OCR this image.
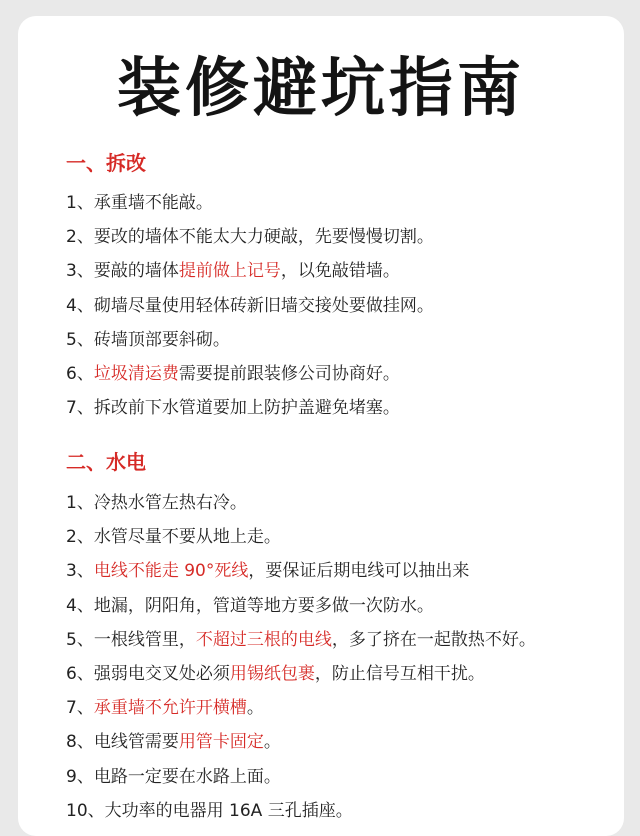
装修避坑指南
一、拆改
1、承重墙不能敲。
2、要改的墙体不能太大力硬敲，先要慢慢切割。
3、要敲的墙体提前做上记号，以免敲错墙。
4、砌墙尽量使用轻体砖新旧墙交接处要做挂网。
5、砖墙顶部要斜砌。
6、垃圾清运费需要提前跟装修公司协商好。
7、拆改前下水管道要加上防护盖避免堵塞。
二、水电
1、冷热水管左热右冷。
2、水管尽量不要从地上走。
3、电线不能走 90°死线，要保证后期电线可以抽出来
4、地漏，阴阳角，管道等地方要多做一次防水。
5、一根线管里，不超过三根的电线，多了挤在一起散热不好。
6、强弱电交叉处必须用锡纸包裹，防止信号互相干扰。
7、承重墙不允许开横槽。
8、电线管需要用管卡固定。
9、电路一定要在水路上面。
10、大功率的电器用 16A 三孔插座。
